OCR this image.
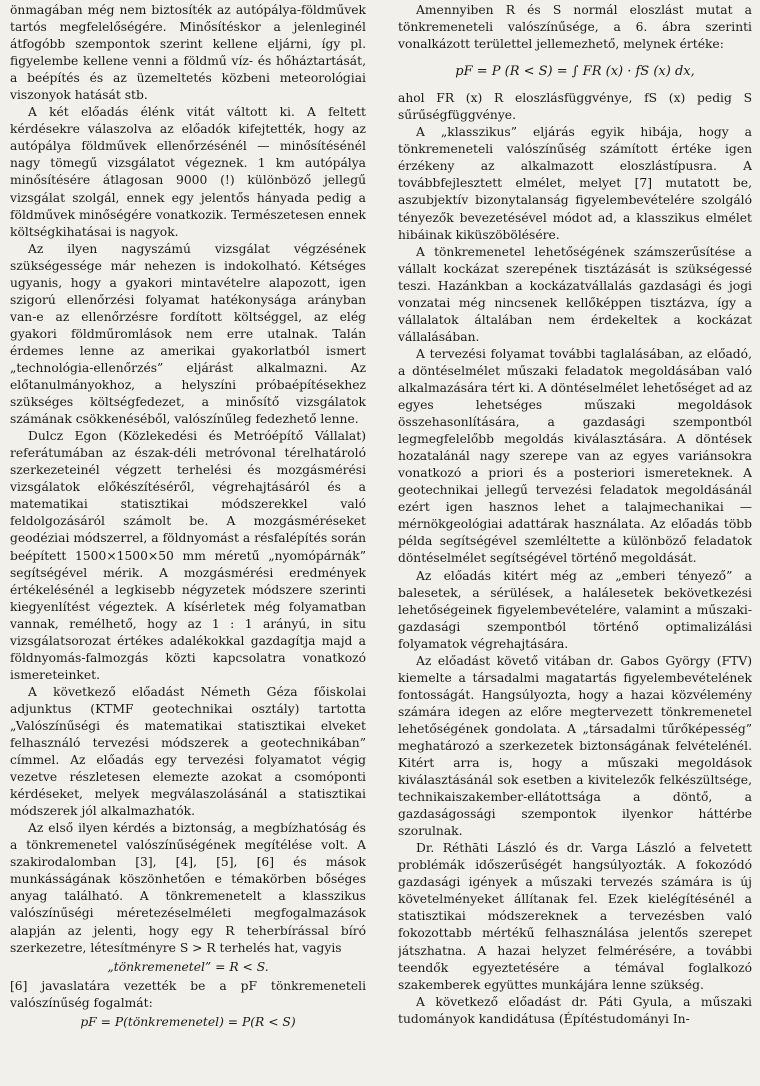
önmagában még nem biztosíték az autópálya-földművek tartós megfelelőségére. Minősítéskor a jelenleginél átfogóbb szempontok szerint kellene eljárni, így pl. figyelembe kellene venni a földmű víz- és hőháztartását, a beépítés és az üzemeltetés közbeni meteorológiai viszonyok hatását stb.

A két előadás élénk vitát váltott ki. A feltett kérdésekre válaszolva az előadók kifejtették, hogy az autópálya földművek ellenőrzésénél — minősítésénél nagy tömegű vizsgálatot végeznek. 1 km autópálya minősítésére átlagosan 9000 (!) különböző jellegű vizsgálat szolgál, ennek egy jelentős hányada pedig a földművek minőségére vonatkozik. Természetesen ennek költségkihatásai is nagyok.

Az ilyen nagyszámú vizsgálat végzésének szükségessége már nehezen is indokolható. Kétséges ugyanis, hogy a gyakori mintavételre alapozott, igen szigorú ellenőrzési folyamat hatékonysága arányban van-e az ellenőrzésre fordított költséggel, az elég gyakori földműromlások nem erre utalnak. Talán érdemes lenne az amerikai gyakorlatból ismert „technológia-ellenőrzés” eljárást alkalmazni. Az előtanulmányokhoz, a helyszíni próbaépítésekhez szükséges költségfedezet, a minősítő vizsgálatok számának csökkenéséből, valószínűleg fedezhető lenne.

Dulcz Egon (Közlekedési és Metróépítő Vállalat) referátumában az észak-déli metróvonal térelhatároló szerkezeteinél végzett terhelési és mozgásmérési vizsgálatok előkészítéséről, végrehajtásáról és a matematikai statisztikai módszerekkel való feldolgozásáról számolt be. A mozgásméréseket geodéziai módszerrel, a földnyomást a résfalépítés során beépített 1500×1500×50 mm méretű „nyomópárnák” segítségével mérik. A mozgásmérési eredmények értékelésénél a legkisebb négyzetek módszere szerinti kiegyenlítést végeztek. A kísérletek még folyamatban vannak, remélhető, hogy az 1 : 1 arányú, in situ vizsgálatsorozat értékes adalékokkal gazdagítja majd a földnyomás-falmozgás közti kapcsolatra vonatkozó ismereteinket.

A következő előadást Németh Géza főiskolai adjunktus (KTMF geotechnikai osztály) tartotta „Valószínűségi és matematikai statisztikai elveket felhasználó tervezési módszerek a geotechnikában” címmel. Az előadás egy tervezési folyamatot végig vezetve részletesen elemezte azokat a csomóponti kérdéseket, melyek megválaszolásánál a statisztikai módszerek jól alkalmazhatók.

Az első ilyen kérdés a biztonság, a megbízhatóság és a tönkremenetel valószínűségének megítélése volt. A szakirodalomban [3], [4], [5], [6] és mások munkásságának köszönhetően e témakörben bőséges anyag található. A tönkremenetelt a klasszikus valószínűségi méretezéselméleti megfogalmazások alapján az jelenti, hogy egy R teherbírással bíró szerkezetre, létesítményre S > R terhelés hat, vagyis

„tönkremenetel” = R < S.

[6] javaslatára vezették be a pF tönkremeneteli valószínűség fogalmát:

pF = P(tönkremenetel) = P(R < S)

Amennyiben R és S normál eloszlást mutat a tönkremeneteli valószínűsége, a 6. ábra szerinti vonalkázott területtel jellemezhető, melynek értéke:

pF = P (R < S) = ∫ FR (x) · fS (x) dx,

ahol FR (x) R eloszlásfüggvénye, fS (x) pedig S sűrűségfüggvénye.

A „klasszikus” eljárás egyik hibája, hogy a tönkremeneteli valószínűség számított értéke igen érzékeny az alkalmazott eloszlástípusra. A továbbfejlesztett elmélet, melyet [7] mutatott be, aszubjektív bizonytalanság figyelembevételére szolgáló tényezők bevezetésével módot ad, a klasszikus elmélet hibáinak kiküszöbölésére.

A tönkremenetel lehetőségének számszerűsítése a vállalt kockázat szerepének tisztázását is szükségessé teszi. Hazánkban a kockázatvállalás gazdasági és jogi vonzatai még nincsenek kellőképpen tisztázva, így a vállalatok általában nem érdekeltek a kockázat vállalásában.

A tervezési folyamat további taglalásában, az előadó, a döntéselmélet műszaki feladatok megoldásában való alkalmazására tért ki. A döntéselmélet lehetőséget ad az egyes lehetséges műszaki megoldások összehasonlítására, a gazdasági szempontból legmegfelelőbb megoldás kiválasztására. A döntések hozatalánál nagy szerepe van az egyes variánsokra vonatkozó a priori és a posteriori ismereteknek. A geotechnikai jellegű tervezési feladatok megoldásánál ezért igen hasznos lehet a talajmechanikai — mérnökgeológiai adattárak használata. Az előadás több példa segítségével szemléltette a különböző feladatok döntéselmélet segítségével történő megoldását.

Az előadás kitért még az „emberi tényező” a balesetek, a sérülések, a halálesetek bekövetkezési lehetőségeinek figyelembevételére, valamint a műszaki-gazdasági szempontból történő optimalizálási folyamatok végrehajtására.

Az előadást követő vitában dr. Gabos György (FTV) kiemelte a társadalmi magatartás figyelembevételének fontosságát. Hangsúlyozta, hogy a hazai közvélemény számára idegen az előre megtervezett tönkremenetel lehetőségének gondolata. A „társadalmi tűrőképesség” meghatározó a szerkezetek biztonságának felvételénél. Kitért arra is, hogy a műszaki megoldások kiválasztásánál sok esetben a kivitelezők felkészültsége, technikaiszakember-ellátottsága a döntő, a gazdaságossági szempontok ilyenkor háttérbe szorulnak.

Dr. Réthāti László és dr. Varga László a felvetett problémák időszerűségét hangsúlyozták. A fokozódó gazdasági igények a műszaki tervezés számára is új követelményeket állítanak fel. Ezek kielégítésénél a statisztikai módszereknek a tervezésben való fokozottabb mértékű felhasználása jelentős szerepet játszhatna. A hazai helyzet felmérésére, a további teendők egyeztetésére a témával foglalkozó szakemberek együttes munkájára lenne szükség.

A következő előadást dr. Páti Gyula, a műszaki tudományok kandidátusa (Építéstudományi In-
